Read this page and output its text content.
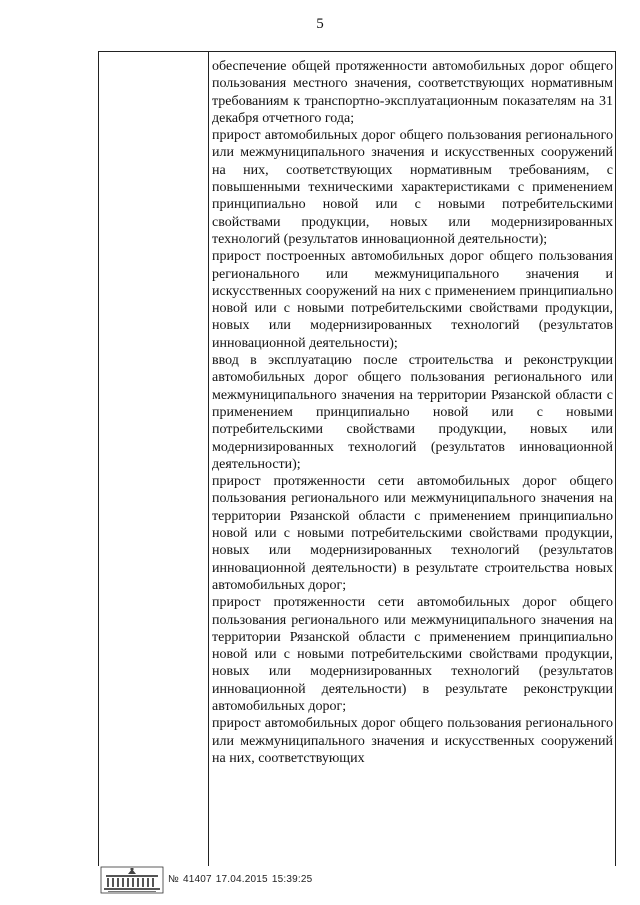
5

обеспечение общей протяженности автомобильных дорог общего пользования местного значения, соответствующих нормативным требованиям к транспортно-эксплуатационным показателям на 31 декабря отчетного года;

прирост автомобильных дорог общего пользования регионального или межмуниципального значения и искусственных сооружений на них, соответствующих нормативным требованиям, с повышенными техническими характеристиками с применением принципиально новой или с новыми потребительскими свойствами продукции, новых или модернизированных технологий (результатов инновационной деятельности);

прирост построенных автомобильных дорог общего пользования регионального или межмуниципального значения и искусственных сооружений на них с применением принципиально новой или с новыми потребительскими свойствами продукции, новых или модернизированных технологий (результатов инновационной деятельности);

ввод в эксплуатацию после строительства и реконструкции автомобильных дорог общего пользования регионального или межмуниципального значения на территории Рязанской области с применением принципиально новой или с новыми потребительскими свойствами продукции, новых или модернизированных технологий (результатов инновационной деятельности);

прирост протяженности сети автомобильных дорог общего пользования регионального или межмуниципального значения на территории Рязанской области с применением принципиально новой или с новыми потребительскими свойствами продукции, новых или модернизированных технологий (результатов инновационной деятельности) в результате строительства новых автомобильных дорог;

прирост протяженности сети автомобильных дорог общего пользования регионального или межмуниципального значения на территории Рязанской области с применением принципиально новой или с новыми потребительскими свойствами продукции, новых или модернизированных технологий (результатов инновационной деятельности) в результате реконструкции автомобильных дорог;

прирост автомобильных дорог общего пользования регионального или межмуниципального значения и искусственных сооружений на них, соответствующих

№ 41407 17.04.2015 15:39:25
